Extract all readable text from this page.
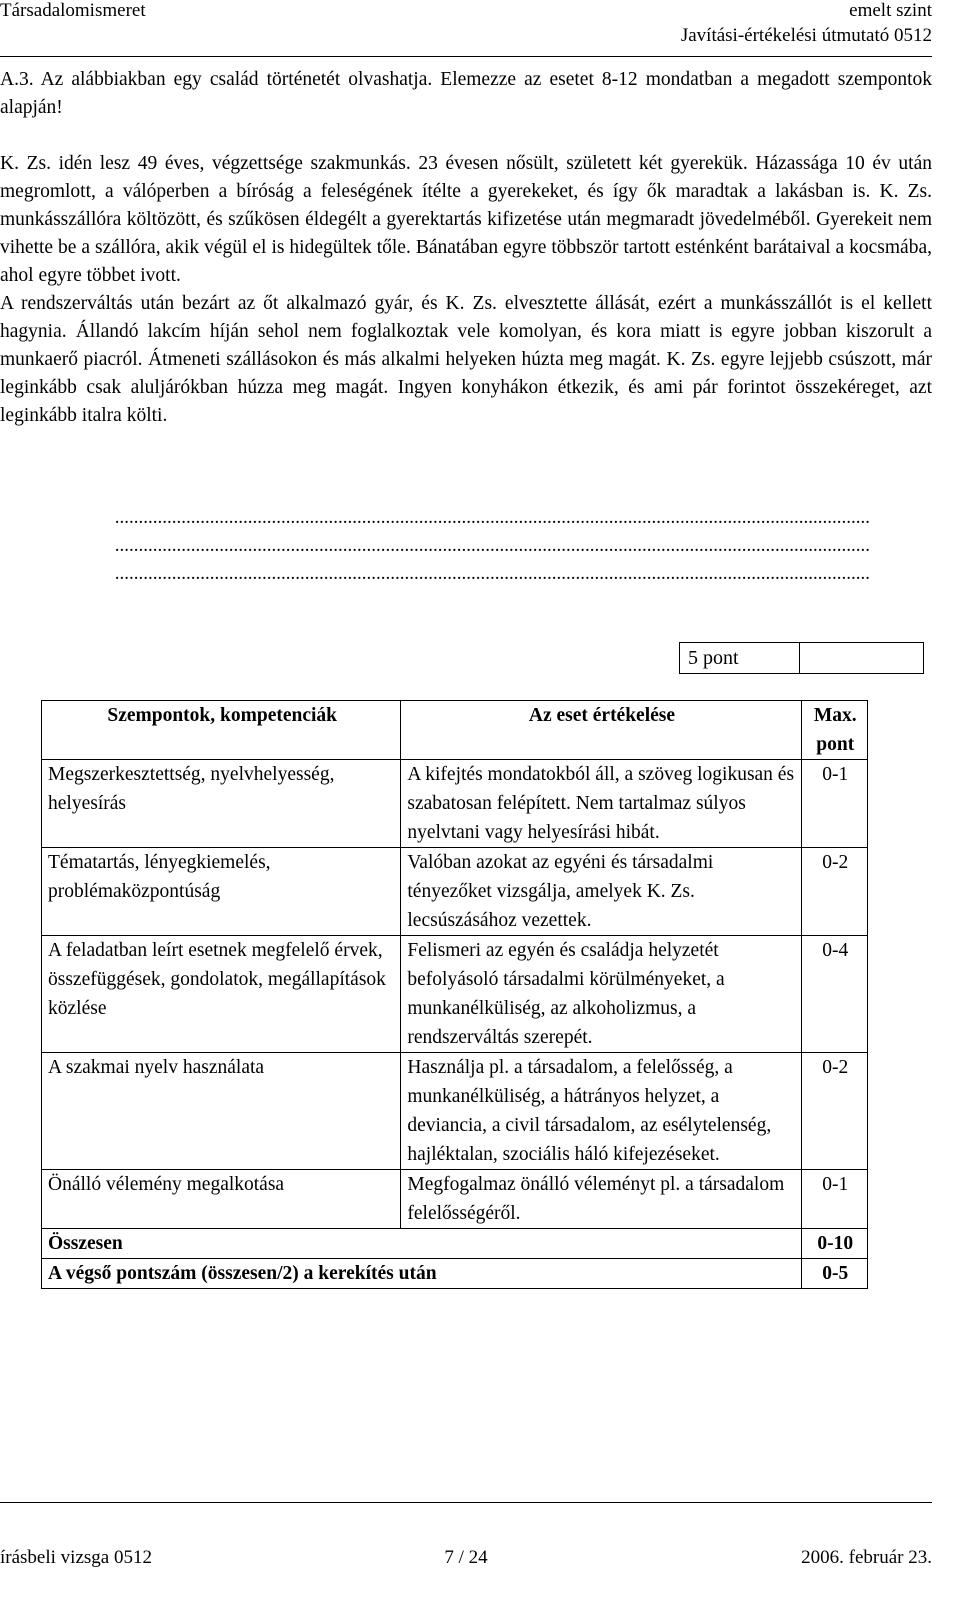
Társadalomismeret	emelt szint
Javítási-értékelési útmutató 0512

A.3. Az alábbiakban egy család történetét olvashatja. Elemezze az esetet 8-12 mondatban a megadott szempontok alapján!

K. Zs. idén lesz 49 éves, végzettsége szakmunkás. 23 évesen nősült, született két gyerekük. Házassága 10 év után megromlott, a válóperben a bíróság a feleségének ítélte a gyerekeket, és így ők maradtak a lakásban is. K. Zs. munkásszállóra költözött, és szűkösen éldegélt a gyerektartás kifizetése után megmaradt jövedelméből. Gyerekeit nem vihette be a szállóra, akik végül el is hidegültek tőle. Bánatában egyre többször tartott esténként barátaival a kocsmába, ahol egyre többet ivott.

A rendszerváltás után bezárt az őt alkalmazó gyár, és K. Zs. elvesztette állását, ezért a munkásszállót is el kellett hagynia. Állandó lakcím híján sehol nem foglalkoztak vele komolyan, és kora miatt is egyre jobban kiszorult a munkaerő piacról. Átmeneti szállásokon és más alkalmi helyeken húzta meg magát. K. Zs. egyre lejjebb csúszott, már leginkább csak aluljárókban húzza meg magát. Ingyen konyhákon étkezik, és ami pár forintot összekéreget, azt leginkább italra költi.

...............................................................................................................................................................
...............................................................................................................................................................
...............................................................................................................................................................
5 pont
Szempontok, kompetenciák	Az eset értékelése	Max. pont
Megszerkesztettség, nyelvhelyesség, helyesírás	A kifejtés mondatokból áll, a szöveg logikusan és szabatosan felépített. Nem tartalmaz súlyos nyelvtani vagy helyesírási hibát.	0-1
Tématartás, lényegkiemelés, problémaközpontúság	Valóban azokat az egyéni és társadalmi tényezőket vizsgálja, amelyek K. Zs. lecsúszásához vezettek.	0-2
A feladatban leírt esetnek megfelelő érvek, összefüggések, gondolatok, megállapítások közlése	Felismeri az egyén és családja helyzetét befolyásoló társadalmi körülményeket, a munkanélküliség, az alkoholizmus, a rendszerváltás szerepét.	0-4
A szakmai nyelv használata	Használja pl. a társadalom, a felelősség, a munkanélküliség, a hátrányos helyzet, a deviancia, a civil társadalom, az esélytelenség, hajléktalan, szociális háló kifejezéseket.	0-2
Önálló vélemény megalkotása	Megfogalmaz önálló véleményt pl. a társadalom felelősségéről.	0-1
Összesen		0-10
A végső pontszám (összesen/2) a kerekítés után		0-5
írásbeli vizsga 0512	7 / 24	2006. február 23.
